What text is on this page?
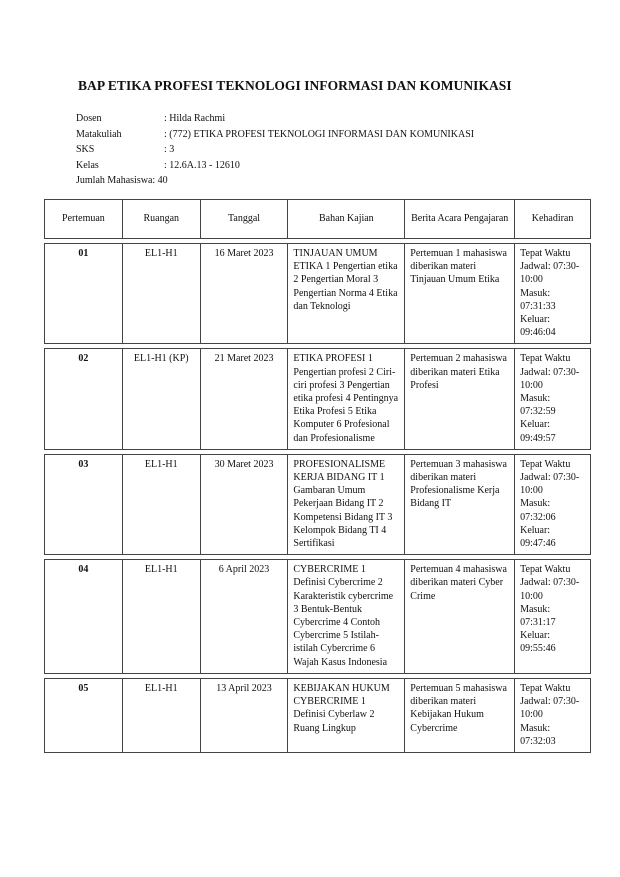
BAP ETIKA PROFESI TEKNOLOGI INFORMASI DAN KOMUNIKASI
Dosen	: Hilda Rachmi
Matakuliah	: (772) ETIKA PROFESI TEKNOLOGI INFORMASI DAN KOMUNIKASI
SKS	: 3
Kelas	: 12.6A.13 - 12610
Jumlah Mahasiswa : 40
Pertemuan	Ruangan	Tanggal	Bahan Kajian	Berita Acara Pengajaran	Kehadiran

01	EL1-H1	16 Maret 2023	TINJAUAN UMUM ETIKA 1 Pengertian etika 2 Pengertian Moral 3 Pengertian Norma 4 Etika dan Teknologi	Pertemuan 1 mahasiswa diberikan materi Tinjauan Umum Etika	Tepat Waktu
Jadwal: 07:30-10:00
Masuk: 07:31:33
Keluar: 09:46:04

02	EL1-H1 (KP)	21 Maret 2023	ETIKA PROFESI 1 Pengertian profesi 2 Ciri-ciri profesi 3 Pengertian etika profesi 4 Pentingnya Etika Profesi 5 Etika Komputer 6 Profesional dan Profesionalisme	Pertemuan 2 mahasiswa diberikan materi Etika Profesi	Tepat Waktu
Jadwal: 07:30-10:00
Masuk: 07:32:59
Keluar: 09:49:57

03	EL1-H1	30 Maret 2023	PROFESIONALISME KERJA BIDANG IT 1 Gambaran Umum Pekerjaan Bidang IT 2 Kompetensi Bidang IT 3 Kelompok Bidang TI 4 Sertifikasi	Pertemuan 3 mahasiswa diberikan materi Profesionalisme Kerja Bidang IT	Tepat Waktu
Jadwal: 07:30-10:00
Masuk: 07:32:06
Keluar: 09:47:46

04	EL1-H1	6 April 2023	CYBERCRIME 1 Definisi Cybercrime 2 Karakteristik cybercrime 3 Bentuk-Bentuk Cybercrime 4 Contoh Cybercrime 5 Istilah-istilah Cybercrime 6 Wajah Kasus Indonesia	Pertemuan 4 mahasiswa diberikan materi Cyber Crime	Tepat Waktu
Jadwal: 07:30-10:00
Masuk: 07:31:17
Keluar: 09:55:46

05	EL1-H1	13 April 2023	KEBIJAKAN HUKUM CYBERCRIME 1 Definisi Cyberlaw 2 Ruang Lingkup	Pertemuan 5 mahasiswa diberikan materi Kebijakan Hukum Cybercrime	Tepat Waktu
Jadwal: 07:30-10:00
Masuk: 07:32:03
